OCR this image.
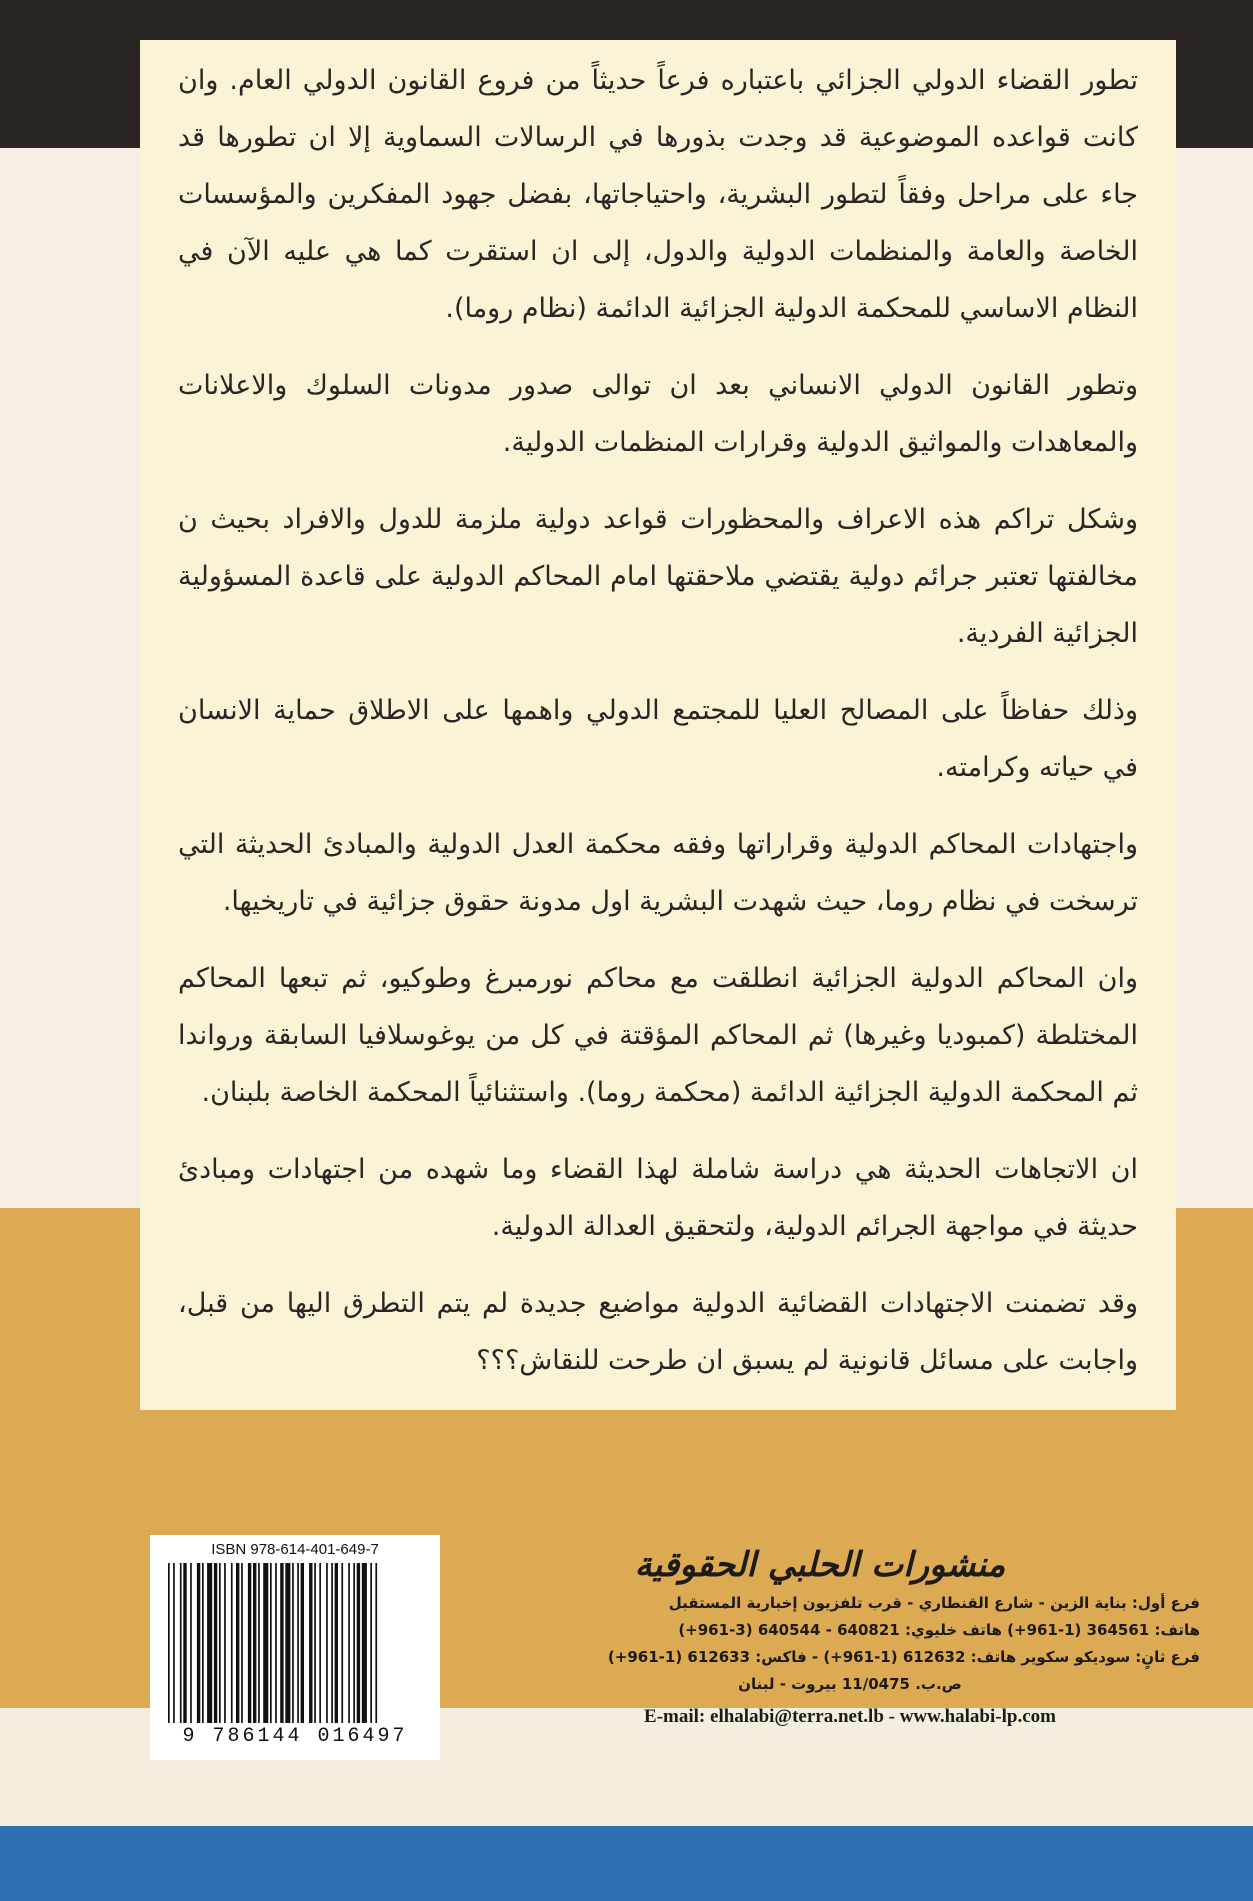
تطور القضاء الدولي الجزائي باعتباره فرعاً حديثاً من فروع القانون الدولي العام. وان كانت قواعده الموضوعية قد وجدت بذورها في الرسالات السماوية إلا ان تطورها قد جاء على مراحل وفقاً لتطور البشرية، واحتياجاتها، بفضل جهود المفكرين والمؤسسات الخاصة والعامة والمنظمات الدولية والدول، إلى ان استقرت كما هي عليه الآن في النظام الاساسي للمحكمة الدولية الجزائية الدائمة (نظام روما).

وتطور القانون الدولي الانساني بعد ان توالى صدور مدونات السلوك والاعلانات والمعاهدات والمواثيق الدولية وقرارات المنظمات الدولية.

وشكل تراكم هذه الاعراف والمحظورات قواعد دولية ملزمة للدول والافراد بحيث ن مخالفتها تعتبر جرائم دولية يقتضي ملاحقتها امام المحاكم الدولية على قاعدة المسؤولية الجزائية الفردية.

وذلك حفاظاً على المصالح العليا للمجتمع الدولي واهمها على الاطلاق حماية الانسان في حياته وكرامته.

واجتهادات المحاكم الدولية وقراراتها وفقه محكمة العدل الدولية والمبادئ الحديثة التي ترسخت في نظام روما، حيث شهدت البشرية اول مدونة حقوق جزائية في تاريخيها.

وان المحاكم الدولية الجزائية انطلقت مع محاكم نورمبرغ وطوكيو، ثم تبعها المحاكم المختلطة (كمبوديا وغيرها) ثم المحاكم المؤقتة في كل من يوغوسلافيا السابقة ورواندا ثم المحكمة الدولية الجزائية الدائمة (محكمة روما). واستثنائياً المحكمة الخاصة بلبنان.

ان الاتجاهات الحديثة هي دراسة شاملة لهذا القضاء وما شهده من اجتهادات ومبادئ حديثة في مواجهة الجرائم الدولية، ولتحقيق العدالة الدولية.

وقد تضمنت الاجتهادات القضائية الدولية مواضيع جديدة لم يتم التطرق اليها من قبل، واجابت على مسائل قانونية لم يسبق ان طرحت للنقاش؟؟؟

ISBN 978-614-401-649-7
9 786144 016497
منشورات الحلبي الحقوقية
فرع أول: بناية الزين - شارع القنطاري - قرب تلفزيون إخبارية المستقبل
هاتف: 364561 (1-961+) هاتف خليوي: 640821 - 640544 (3-961+)
فرع ثانٍ: سوديكو سكوير هاتف: 612632 (1-961+) - فاكس: 612633 (1-961+)
ص.ب. 11/0475 بيروت - لبنان
E-mail: elhalabi@terra.net.lb - www.halabi-lp.com
